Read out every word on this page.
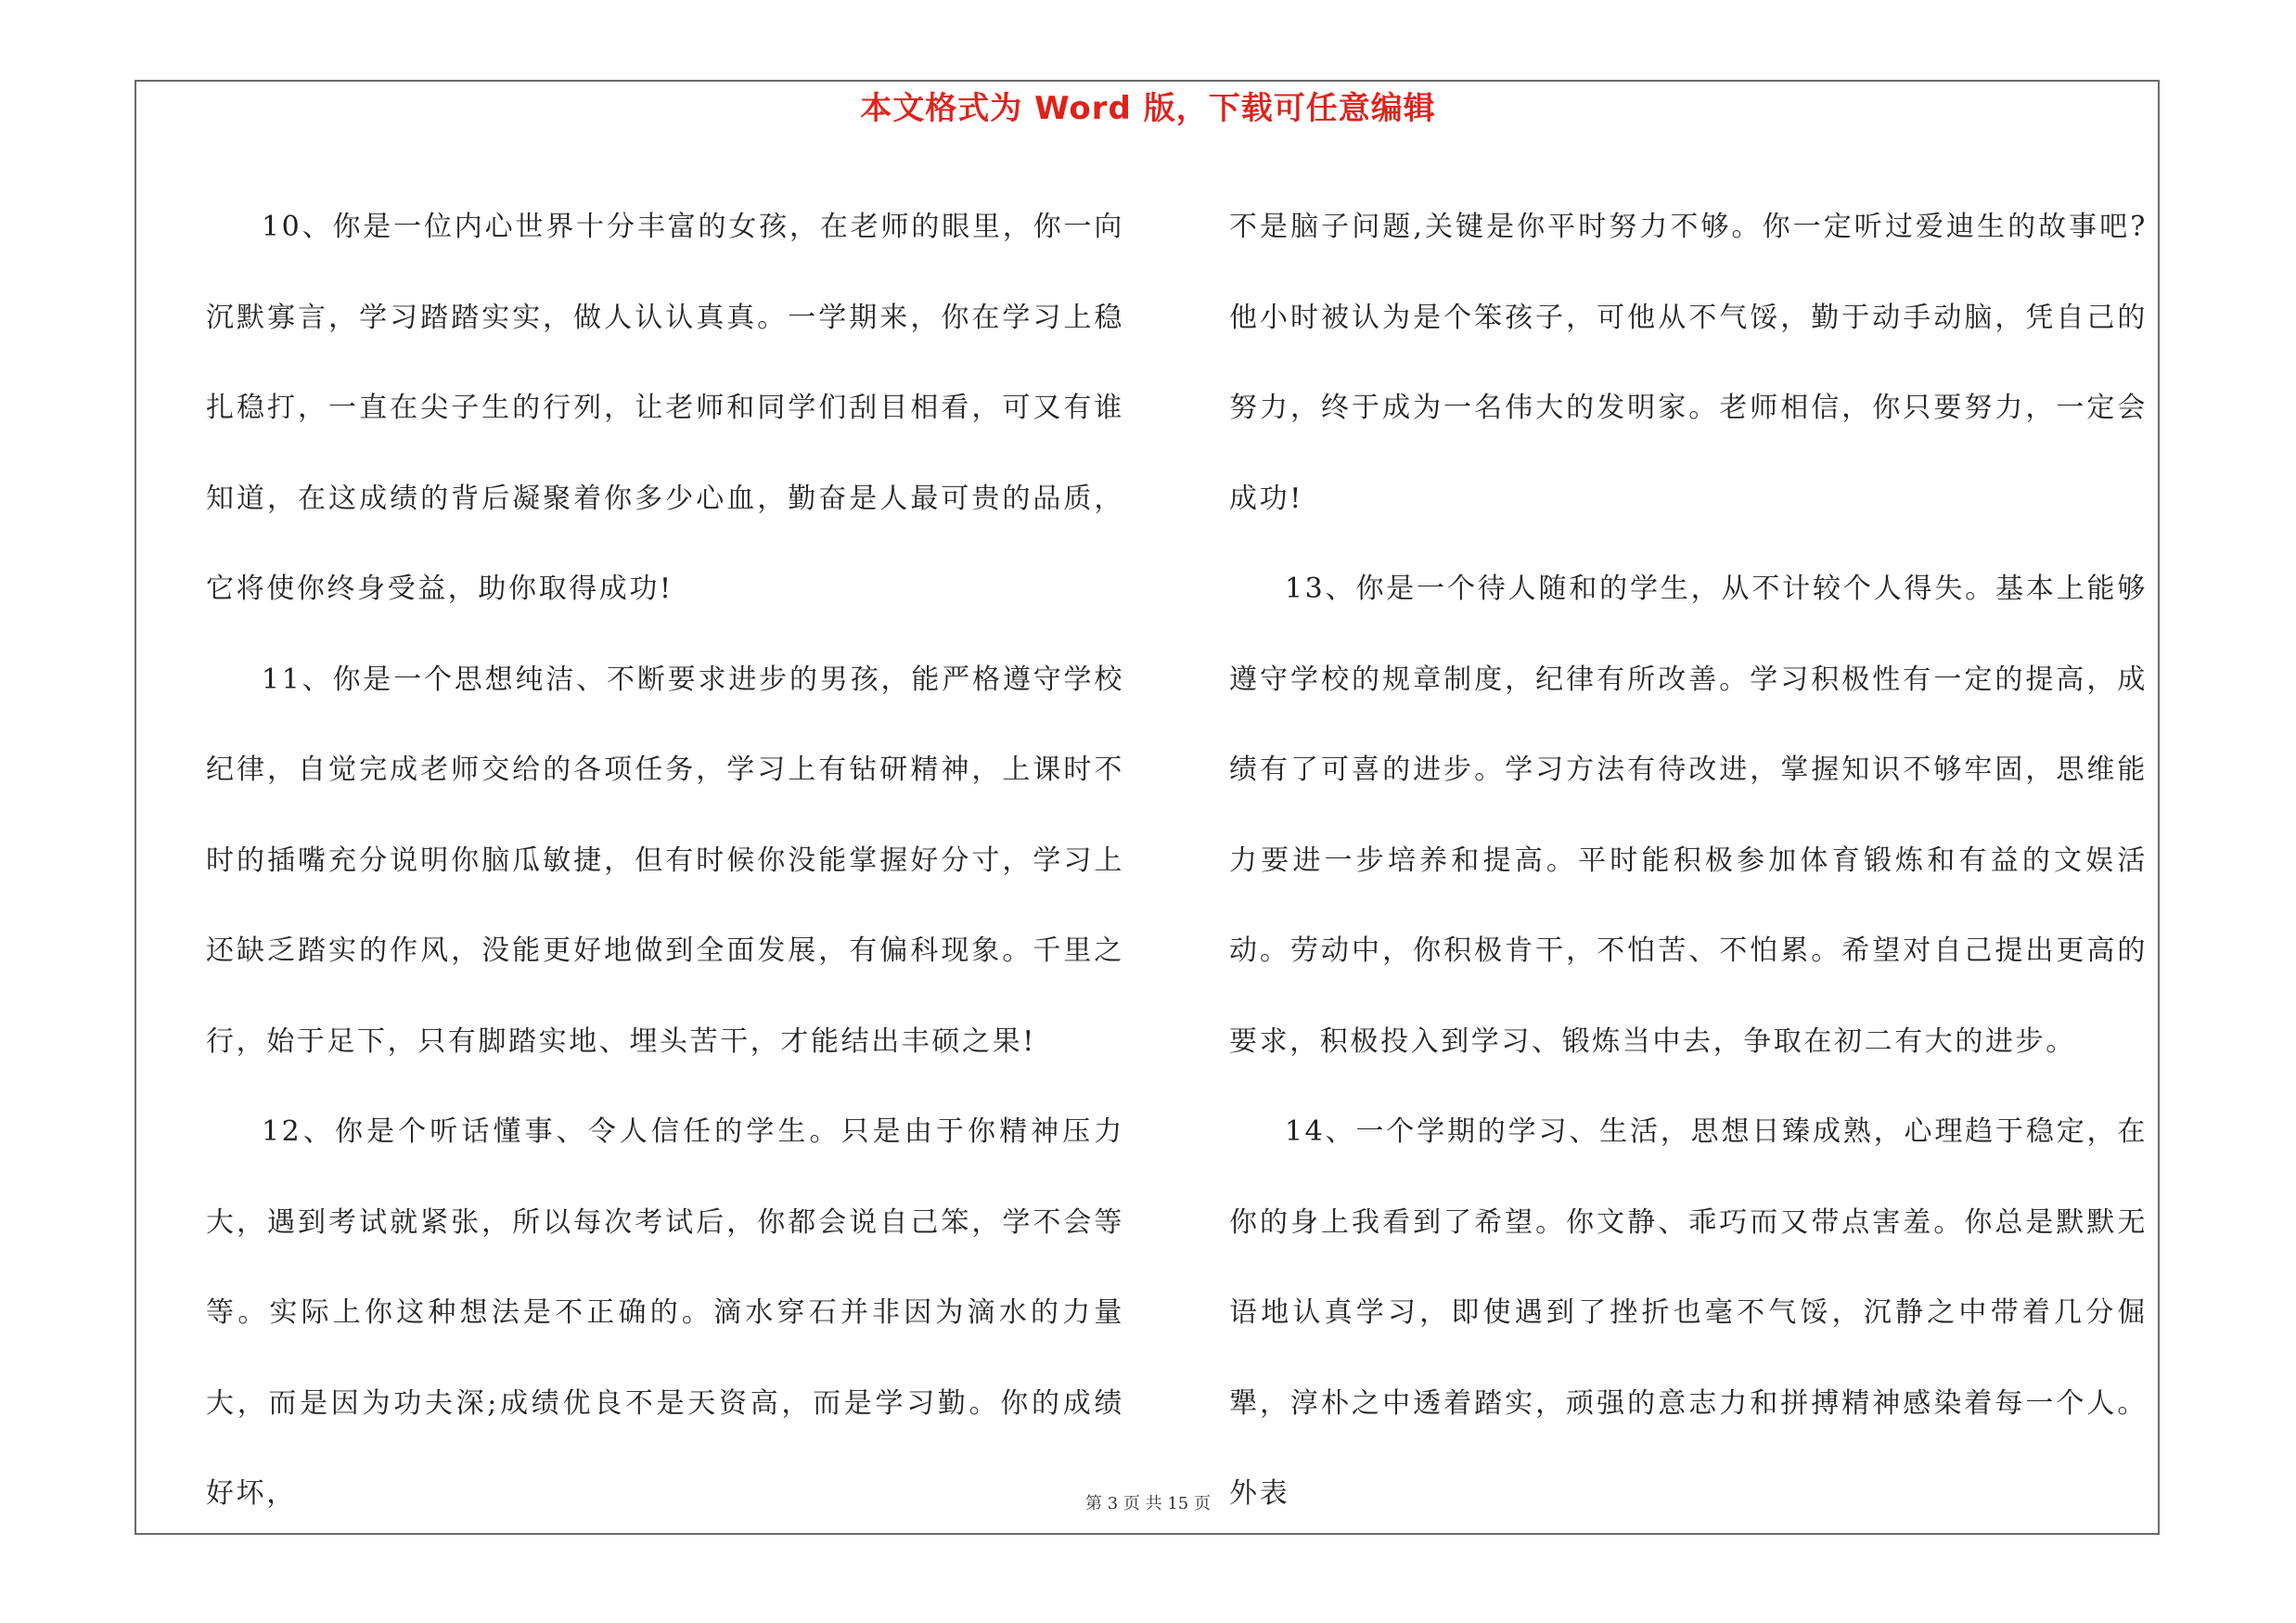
本文格式为 Word 版，下载可任意编辑

10、你是一位内心世界十分丰富的女孩，在老师的眼里，你一向沉默寡言，学习踏踏实实，做人认认真真。一学期来，你在学习上稳扎稳打，一直在尖子生的行列，让老师和同学们刮目相看，可又有谁知道，在这成绩的背后凝聚着你多少心血，勤奋是人最可贵的品质，它将使你终身受益，助你取得成功!

11、你是一个思想纯洁、不断要求进步的男孩，能严格遵守学校纪律，自觉完成老师交给的各项任务，学习上有钻研精神，上课时不时的插嘴充分说明你脑瓜敏捷，但有时候你没能掌握好分寸，学习上还缺乏踏实的作风，没能更好地做到全面发展，有偏科现象。千里之行，始于足下，只有脚踏实地、埋头苦干，才能结出丰硕之果!

12、你是个听话懂事、令人信任的学生。只是由于你精神压力大，遇到考试就紧张，所以每次考试后，你都会说自己笨，学不会等等。实际上你这种想法是不正确的。滴水穿石并非因为滴水的力量大，而是因为功夫深;成绩优良不是天资高，而是学习勤。你的成绩好坏，

不是脑子问题,关键是你平时努力不够。你一定听过爱迪生的故事吧?他小时被认为是个笨孩子，可他从不气馁，勤于动手动脑，凭自己的努力，终于成为一名伟大的发明家。老师相信，你只要努力，一定会成功!

13、你是一个待人随和的学生，从不计较个人得失。基本上能够遵守学校的规章制度，纪律有所改善。学习积极性有一定的提高，成绩有了可喜的进步。学习方法有待改进，掌握知识不够牢固，思维能力要进一步培养和提高。平时能积极参加体育锻炼和有益的文娱活动。劳动中，你积极肯干，不怕苦、不怕累。希望对自己提出更高的要求，积极投入到学习、锻炼当中去，争取在初二有大的进步。

14、一个学期的学习、生活，思想日臻成熟，心理趋于稳定，在你的身上我看到了希望。你文静、乖巧而又带点害羞。你总是默默无语地认真学习，即使遇到了挫折也毫不气馁，沉静之中带着几分倔犟，淳朴之中透着踏实，顽强的意志力和拼搏精神感染着每一个人。外表

第 3 页 共 15 页
